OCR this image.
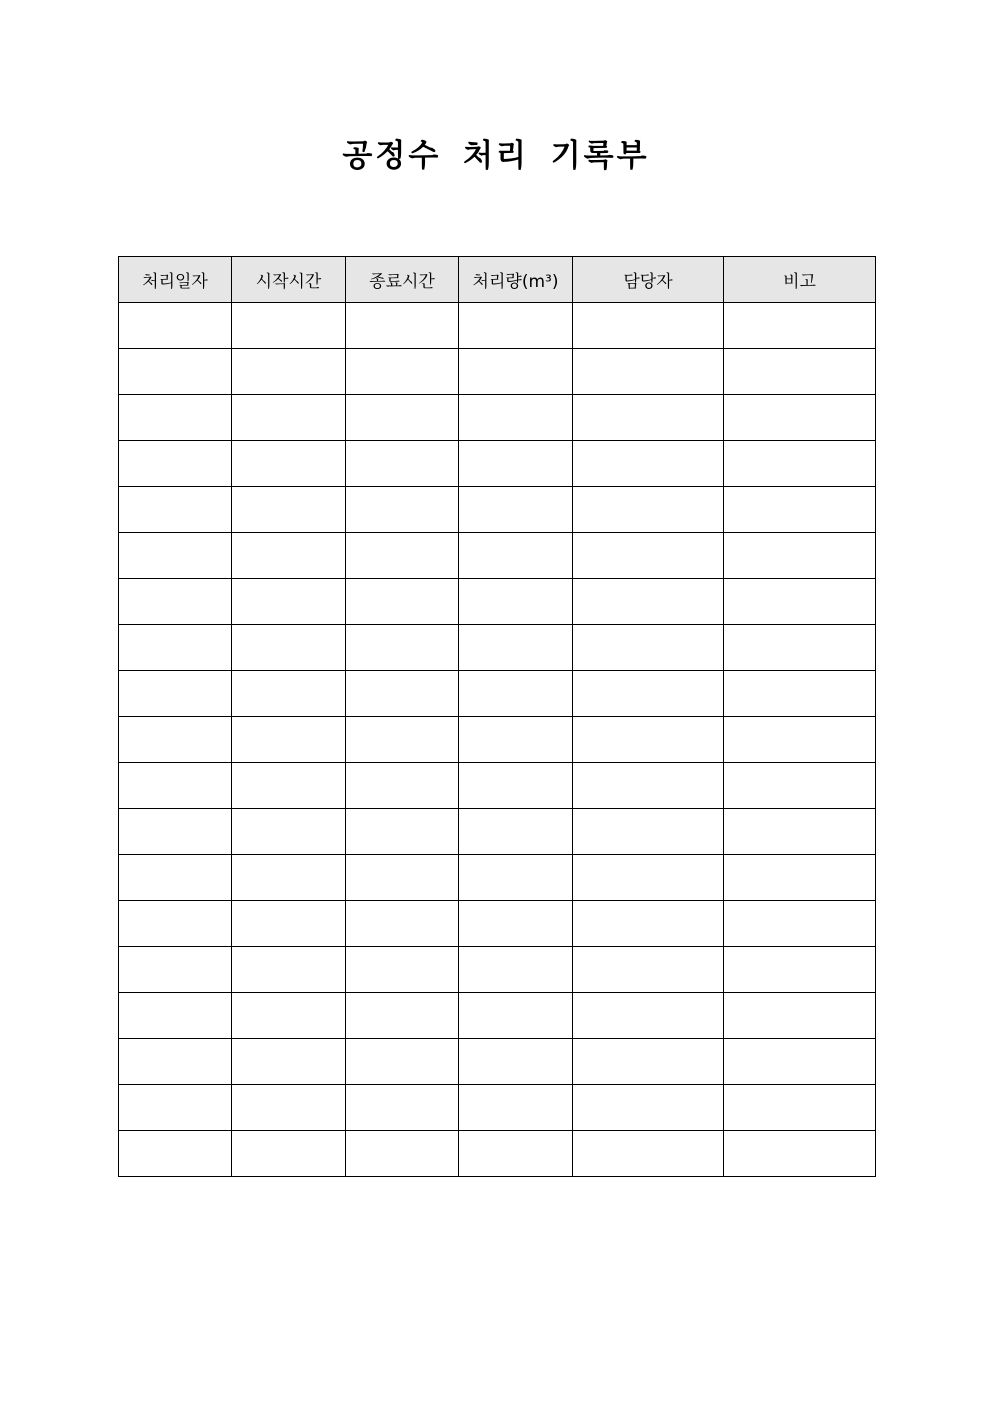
공정수 처리 기록부
처리일자	시작시간	종료시간	처리량(m³)	담당자	비고
